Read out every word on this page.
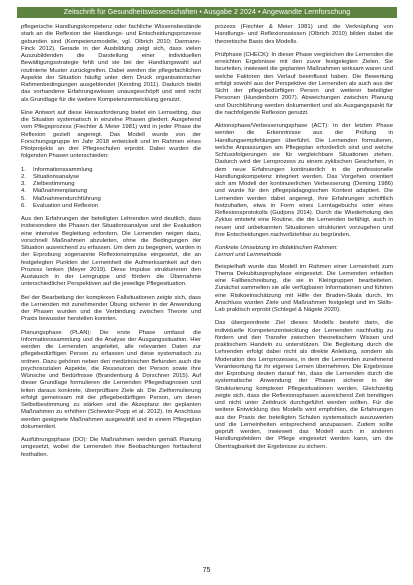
Zeitschrift für Gesundheitswissenschaften • Ausgabe 2 2024 • Angewandte Lernforschung

pflegerische Handlungskompetenz oder fachliche Wissensbestände stark an die Reflexion der Handlungs- und Entscheidungsprozesse gebunden sind (Kompetenzmodelle, vgl. Olbrich 2010; Darmann-Finck 2012). Gerade in der Ausbildung zeigt sich, dass vielen Auszubildenden die Darstellung einer individuellen Bewältigungsstrategie fehlt und sie bei der Handlungswahl auf routinierte Muster zurückgreifen. Dabei werden die pflegefachlichen Aspekte der Situation häufig unter dem Druck organisatorischer Rahmenbedingungen ausgeblendet (Kersting 2011). Dadurch bleibt das vorhandene Erfahrungswissen unausgeschöpft und wird nicht als Grundlage für die weitere Kompetenzentwicklung genutzt.

Eine Antwort auf diese Herausforderung bietet ein Lernsetting, das die Situation systematisch in einzelne Phasen gliedert. Ausgehend vom Pflegeprozess (Fiechter & Meier 1981) wird in jeder Phase die Reflexion gezielt angeregt. Das Modell wurde von der Forschungsgruppe im Jahr 2018 entwickelt und im Rahmen eines Pilotprojekts an drei Pflegeschulen erprobt. Dabei wurden die folgenden Phasen unterschieden:

1.	Informationssammlung
2.	Situationsanalyse
3.	Zielbestimmung
4.	Maßnahmenplanung
5.	Maßnahmendurchführung
6.	Evaluation und Reflexion

Aus den Erfahrungen der beteiligten Lehrenden wird deutlich, dass insbesondere die Phasen der Situationsanalyse und der Evaluation eine intensive Begleitung erfordern. Die Lernenden neigen dazu, vorschnell Maßnahmen abzuleiten, ohne die Bedingungen der Situation ausreichend zu erfassen. Um dem zu begegnen, wurden in der Erprobung sogenannte Reflexionsimpulse eingesetzt, die an festgelegten Punkten der Lerneinheit die Aufmerksamkeit auf den Prozess lenken (Meyer 2019). Diese Impulse strukturieren den Austausch in der Lerngruppe und fördern die Übernahme unterschiedlicher Perspektiven auf die jeweilige Pflegesituation.

Bei der Bearbeitung der komplexen Fallsituationen zeigte sich, dass die Lernenden mit zunehmender Übung sicherer in der Anwendung der Phasen wurden und die Verbindung zwischen Theorie und Praxis bewusster herstellen konnten.

Planungsphase (PLAN): Die erste Phase umfasst die Informationssammlung und die Analyse der Ausgangssituation. Hier werden die Lernenden angeleitet, alle relevanten Daten zur pflegebedürftigen Person zu erfassen und diese systematisch zu ordnen. Dazu gehören neben den medizinischen Befunden auch die psychosozialen Aspekte, die Ressourcen der Person sowie ihre Wünsche und Bedürfnisse (Brandenburg & Dorschner 2015). Auf dieser Grundlage formulieren die Lernenden Pflegediagnosen und leiten daraus konkrete, überprüfbare Ziele ab. Die Zielformulierung erfolgt gemeinsam mit der pflegebedürftigen Person, um deren Selbstbestimmung zu stärken und die Akzeptanz der geplanten Maßnahmen zu erhöhen (Schewior-Popp et al. 2012). Im Anschluss werden geeignete Maßnahmen ausgewählt und in einem Pflegeplan dokumentiert.

Ausführungsphase (DO): Die Maßnahmen werden gemäß Planung umgesetzt, wobei die Lernenden ihre Beobachtungen fortlaufend festhalten.

prozess (Fiechter & Meier 1981) und die Verknüpfung von Handlungs- und Reflexionswissen (Olbrich 2010) bilden dabei die theoretische Basis des Modells.

Prüfphase (CHECK): In dieser Phase vergleichen die Lernenden die erreichten Ergebnisse mit den zuvor festgelegten Zielen. Sie beurteilen, inwieweit die geplanten Maßnahmen wirksam waren und welche Faktoren den Verlauf beeinflusst haben. Die Bewertung erfolgt sowohl aus der Perspektive der Lernenden als auch aus der Sicht der pflegebedürftigen Person und weiterer beteiligter Personen (Hundenborn 2007). Abweichungen zwischen Planung und Durchführung werden dokumentiert und als Ausgangspunkt für die nachfolgende Reflexion genutzt.

Aktionsphase/Verbesserungsphase (ACT): In der letzten Phase werden die Erkenntnisse aus der Prüfung in Handlungsempfehlungen überführt. Die Lernenden formulieren, welche Anpassungen am Pflegeplan erforderlich sind und welche Schlussfolgerungen sie für vergleichbare Situationen ziehen. Dadurch wird der Lernprozess zu einem zyklischen Geschehen, in dem neue Erfahrungen kontinuierlich in die professionelle Handlungskompetenz integriert werden. Das Vorgehen orientiert sich am Modell der kontinuierlichen Verbesserung (Deming 1986) und wurde für den pflegepädagogischen Kontext adaptiert. Die Lernenden werden dabei angeregt, ihre Erfahrungen schriftlich festzuhalten, etwa in Form eines Lerntagebuchs oder eines Reflexionsprotokolls (Gudjons 2014). Durch die Wiederholung des Zyklus entsteht eine Routine, die die Lernenden befähigt, auch in neuen und unbekannten Situationen strukturiert vorzugehen und ihre Entscheidungen nachvollziehbar zu begründen.

Konkrete Umsetzung im didaktischen Rahmen:

Lernort und Lernmethode

Beispielhaft wurde das Modell im Rahmen einer Lerneinheit zum Thema Dekubitusprophylaxe eingesetzt. Die Lernenden erhielten eine Fallbeschreibung, die sie in Kleingruppen bearbeiteten. Zunächst sammelten sie alle verfügbaren Informationen und führten eine Risikoeinschätzung mit Hilfe der Braden-Skala durch. Im Anschluss wurden Ziele und Maßnahmen festgelegt und im Skills-Lab praktisch erprobt (Schlegel & Nägele 2020).

Das übergeordnete Ziel dieses Modells besteht darin, die individuelle Kompetenzentwicklung der Lernenden nachhaltig zu fördern und den Transfer zwischen theoretischem Wissen und praktischem Handeln zu unterstützen. Die Begleitung durch die Lehrenden erfolgt dabei nicht als direkte Anleitung, sondern als Moderation des Lernprozesses, in dem die Lernenden zunehmend Verantwortung für ihr eigenes Lernen übernehmen. Die Ergebnisse der Erprobung deuten darauf hin, dass die Lernenden durch die systematische Anwendung der Phasen sicherer in der Strukturierung komplexer Pflegesituationen werden. Gleichzeitig zeigte sich, dass die Reflexionsphasen ausreichend Zeit benötigen und nicht unter Zeitdruck durchgeführt werden sollten. Für die weitere Entwicklung des Modells wird empfohlen, die Erfahrungen aus der Praxis der beteiligten Schulen systematisch auszuwerten und die Lerneinheiten entsprechend anzupassen. Zudem sollte geprüft werden, inwieweit das Modell auch in anderen Handlungsfeldern der Pflege eingesetzt werden kann, um die Übertragbarkeit der Ergebnisse zu sichern.

75
